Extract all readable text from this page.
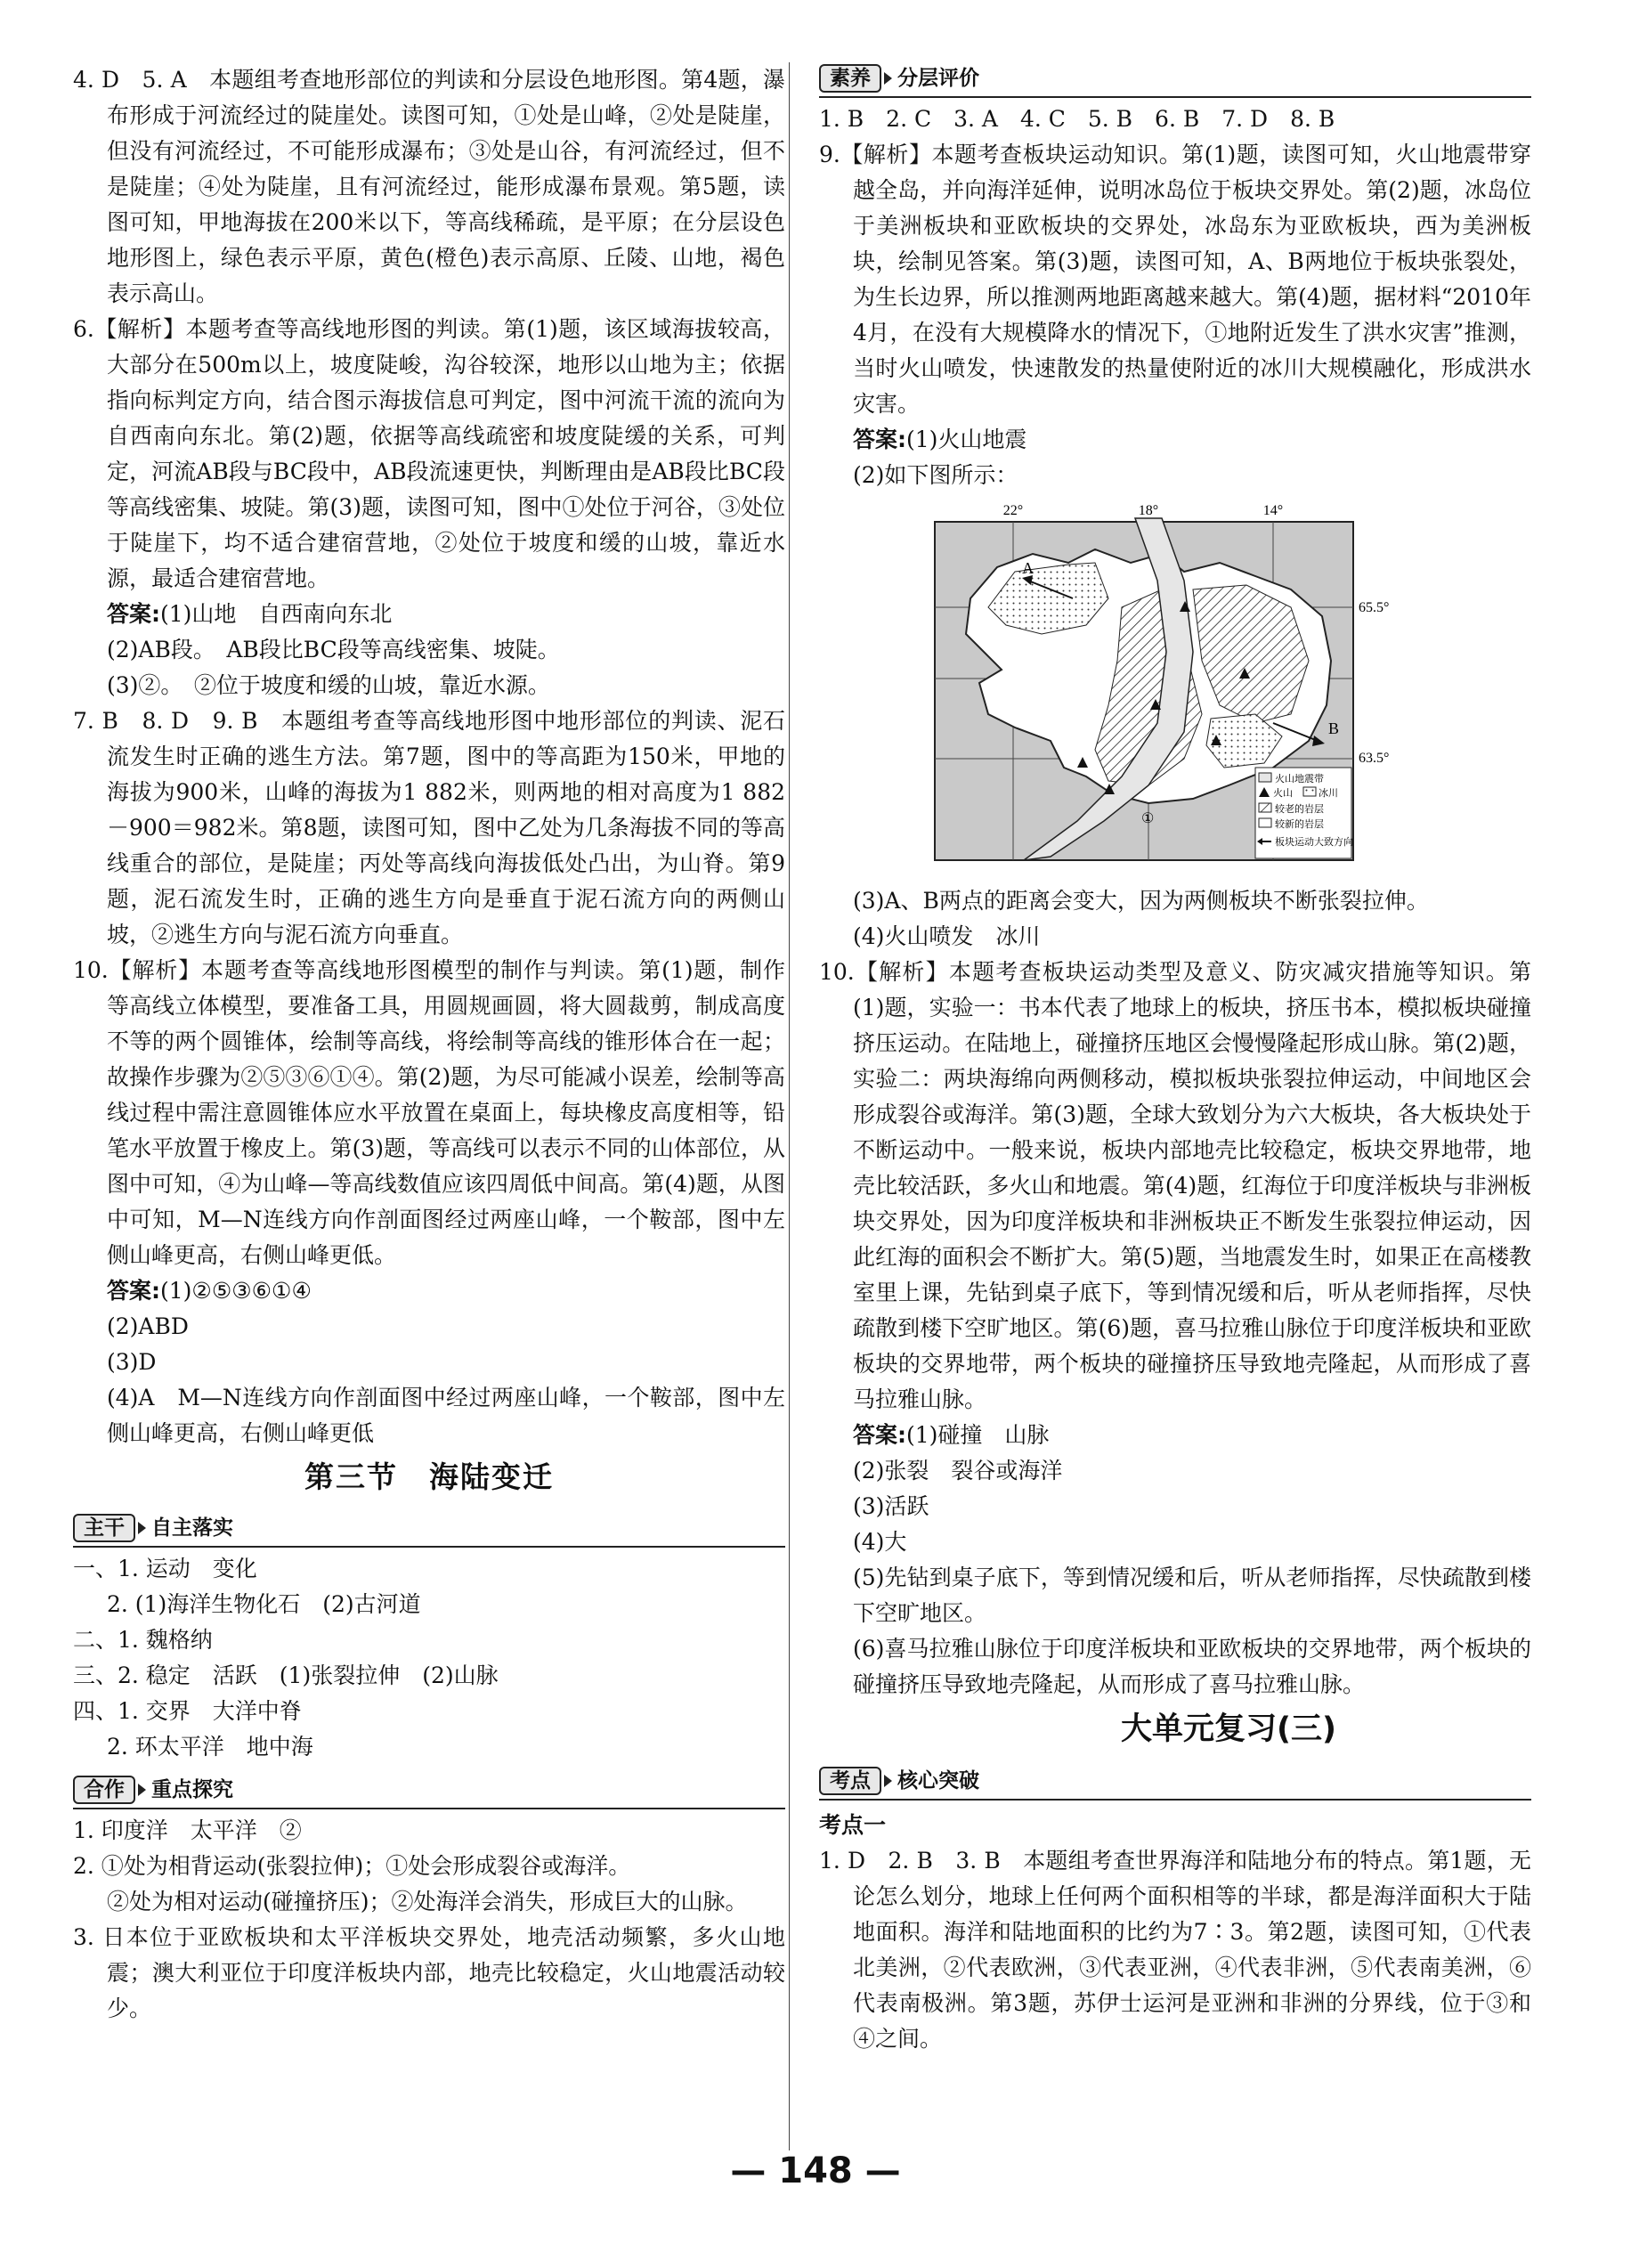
4. D　5. A　本题组考查地形部位的判读和分层设色地形图。第4题，瀑布形成于河流经过的陡崖处。读图可知，①处是山峰，②处是陡崖，但没有河流经过，不可能形成瀑布；③处是山谷，有河流经过，但不是陡崖；④处为陡崖，且有河流经过，能形成瀑布景观。第5题，读图可知，甲地海拔在200米以下，等高线稀疏，是平原；在分层设色地形图上，绿色表示平原，黄色(橙色)表示高原、丘陵、山地，褐色表示高山。

6.【解析】本题考查等高线地形图的判读。第(1)题，该区域海拔较高，大部分在500m以上，坡度陡峻，沟谷较深，地形以山地为主；依据指向标判定方向，结合图示海拔信息可判定，图中河流干流的流向为自西南向东北。第(2)题，依据等高线疏密和坡度陡缓的关系，可判定，河流AB段与BC段中，AB段流速更快，判断理由是AB段比BC段等高线密集、坡陡。第(3)题，读图可知，图中①处位于河谷，③处位于陡崖下，均不适合建宿营地，②处位于坡度和缓的山坡，靠近水源，最适合建宿营地。

答案:(1)山地　自西南向东北

(2)AB段。　AB段比BC段等高线密集、坡陡。

(3)②。　②位于坡度和缓的山坡，靠近水源。

7. B　8. D　9. B　本题组考查等高线地形图中地形部位的判读、泥石流发生时正确的逃生方法。第7题，图中的等高距为150米，甲地的海拔为900米，山峰的海拔为1 882米，则两地的相对高度为1 882－900＝982米。第8题，读图可知，图中乙处为几条海拔不同的等高线重合的部位，是陡崖；丙处等高线向海拔低处凸出，为山脊。第9题，泥石流发生时，正确的逃生方向是垂直于泥石流方向的两侧山坡，②逃生方向与泥石流方向垂直。

10.【解析】本题考查等高线地形图模型的制作与判读。第(1)题，制作等高线立体模型，要准备工具，用圆规画圆，将大圆裁剪，制成高度不等的两个圆锥体，绘制等高线，将绘制等高线的锥形体合在一起；故操作步骤为②⑤③⑥①④。第(2)题，为尽可能减小误差，绘制等高线过程中需注意圆锥体应水平放置在桌面上，每块橡皮高度相等，铅笔水平放置于橡皮上。第(3)题，等高线可以表示不同的山体部位，从图中可知，④为山峰—等高线数值应该四周低中间高。第(4)题，从图中可知，M—N连线方向作剖面图经过两座山峰，一个鞍部，图中左侧山峰更高，右侧山峰更低。

答案:(1)②⑤③⑥①④

(2)ABD

(3)D

(4)A　M—N连线方向作剖面图中经过两座山峰，一个鞍部，图中左侧山峰更高，右侧山峰更低

第三节　海陆变迁
主干	自主落实

一、1. 运动　变化

2. (1)海洋生物化石　(2)古河道

二、1. 魏格纳

三、2. 稳定　活跃　(1)张裂拉伸　(2)山脉

四、1. 交界　大洋中脊

2. 环太平洋　地中海

合作	重点探究

1. 印度洋　太平洋　②

2. ①处为相背运动(张裂拉伸)；①处会形成裂谷或海洋。

②处为相对运动(碰撞挤压)；②处海洋会消失，形成巨大的山脉。

3. 日本位于亚欧板块和太平洋板块交界处，地壳活动频繁，多火山地震；澳大利亚位于印度洋板块内部，地壳比较稳定，火山地震活动较少。

素养	分层评价

1. B　2. C　3. A　4. C　5. B　6. B　7. D　8. B

9.【解析】本题考查板块运动知识。第(1)题，读图可知，火山地震带穿越全岛，并向海洋延伸，说明冰岛位于板块交界处。第(2)题，冰岛位于美洲板块和亚欧板块的交界处，冰岛东为亚欧板块，西为美洲板块，绘制见答案。第(3)题，读图可知，A、B两地位于板块张裂处，为生长边界，所以推测两地距离越来越大。第(4)题，据材料“2010年4月，在没有大规模降水的情况下，①地附近发生了洪水灾害”推测，当时火山喷发，快速散发的热量使附近的冰川大规模融化，形成洪水灾害。

答案:(1)火山地震

(2)如下图所示：

22°	18°	14°
A
B
①
65.5°
63.5°
火山地震带
火山	冰川
较老的岩层
较新的岩层
板块运动大致方向

(3)A、B两点的距离会变大，因为两侧板块不断张裂拉伸。

(4)火山喷发　冰川

10.【解析】本题考查板块运动类型及意义、防灾减灾措施等知识。第(1)题，实验一：书本代表了地球上的板块，挤压书本，模拟板块碰撞挤压运动。在陆地上，碰撞挤压地区会慢慢隆起形成山脉。第(2)题，实验二：两块海绵向两侧移动，模拟板块张裂拉伸运动，中间地区会形成裂谷或海洋。第(3)题，全球大致划分为六大板块，各大板块处于不断运动中。一般来说，板块内部地壳比较稳定，板块交界地带，地壳比较活跃，多火山和地震。第(4)题，红海位于印度洋板块与非洲板块交界处，因为印度洋板块和非洲板块正不断发生张裂拉伸运动，因此红海的面积会不断扩大。第(5)题，当地震发生时，如果正在高楼教室里上课，先钻到桌子底下，等到情况缓和后，听从老师指挥，尽快疏散到楼下空旷地区。第(6)题，喜马拉雅山脉位于印度洋板块和亚欧板块的交界地带，两个板块的碰撞挤压导致地壳隆起，从而形成了喜马拉雅山脉。

答案:(1)碰撞　山脉

(2)张裂　裂谷或海洋

(3)活跃

(4)大

(5)先钻到桌子底下，等到情况缓和后，听从老师指挥，尽快疏散到楼下空旷地区。

(6)喜马拉雅山脉位于印度洋板块和亚欧板块的交界地带，两个板块的碰撞挤压导致地壳隆起，从而形成了喜马拉雅山脉。

大单元复习(三)
考点	核心突破

考点一

1. D　2. B　3. B　本题组考查世界海洋和陆地分布的特点。第1题，无论怎么划分，地球上任何两个面积相等的半球，都是海洋面积大于陆地面积。海洋和陆地面积的比约为7∶3。第2题，读图可知，①代表北美洲，②代表欧洲，③代表亚洲，④代表非洲，⑤代表南美洲，⑥代表南极洲。第3题，苏伊士运河是亚洲和非洲的分界线，位于③和④之间。

— 148 —
